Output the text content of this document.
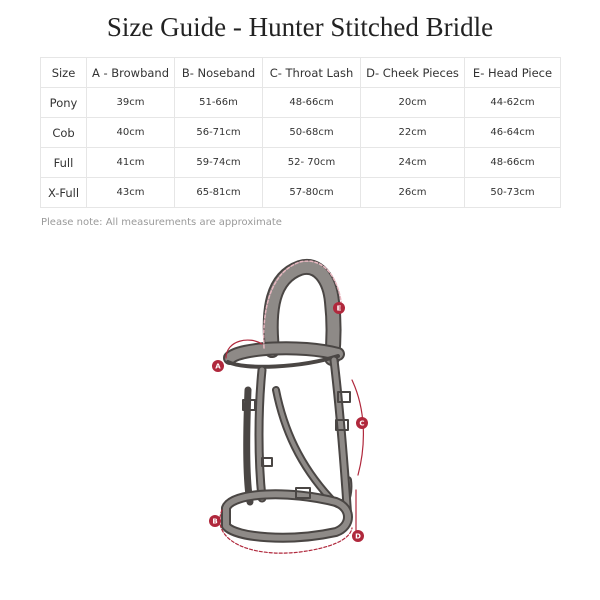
Size Guide - Hunter Stitched Bridle
Size	A - Browband	B- Noseband	C- Throat Lash	D- Cheek Pieces	E- Head Piece
Pony	39cm	51-66m	48-66cm	20cm	44-62cm
Cob	40cm	56-71cm	50-68cm	22cm	46-64cm
Full	41cm	59-74cm	52- 70cm	24cm	48-66cm
X-Full	43cm	65-81cm	57-80cm	26cm	50-73cm
Please note: All measurements are approximate
A
B
C
D
E
